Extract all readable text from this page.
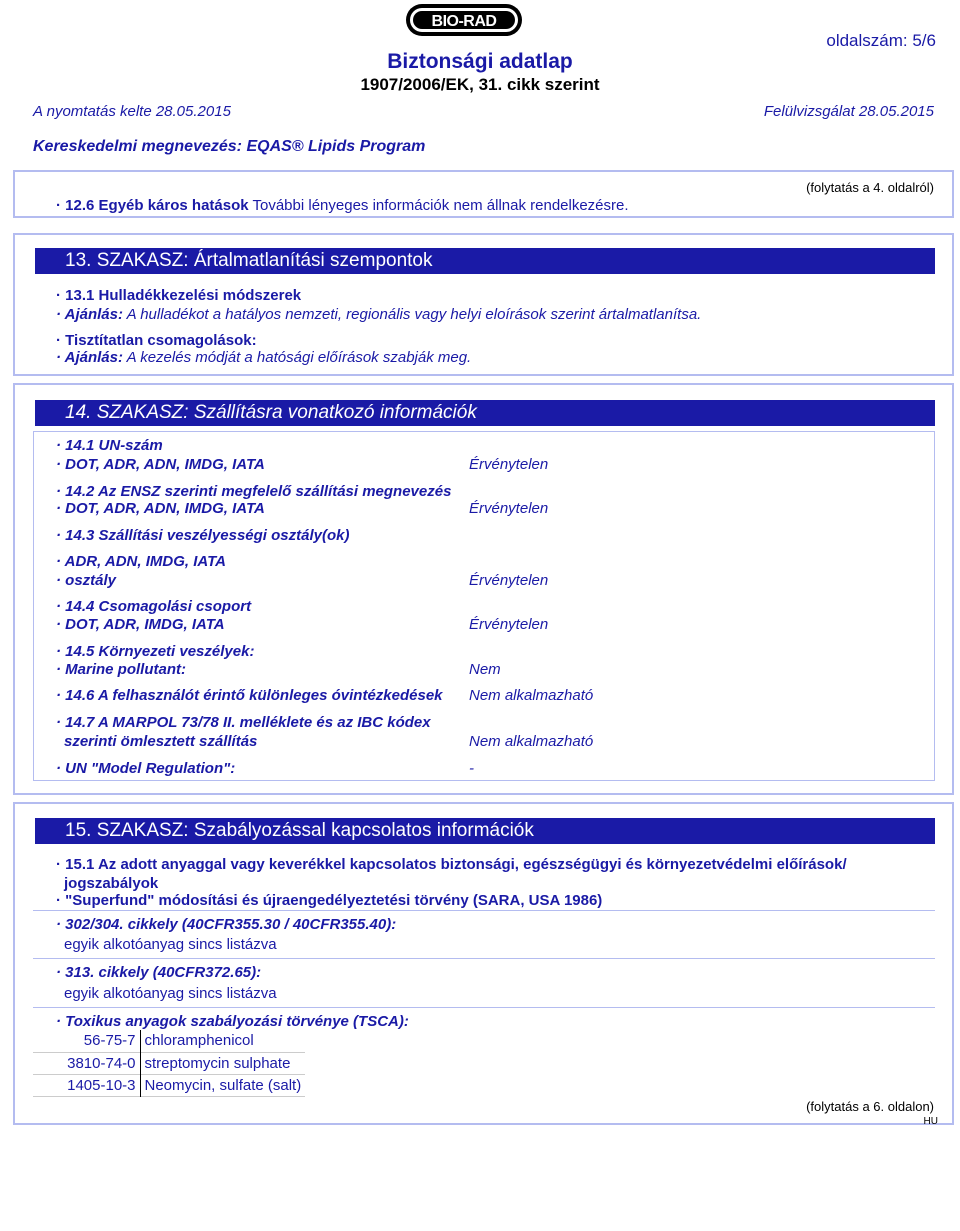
BIO-RAD
oldalszám: 5/6
Biztonsági adatlap
1907/2006/EK, 31. cikk szerint
A nyomtatás kelte 28.05.2015	Felülvizsgálat 28.05.2015
Kereskedelmi megnevezés: EQAS® Lipids Program
(folytatás a 4. oldalról)
· 12.6 Egyéb káros hatások További lényeges információk nem állnak rendelkezésre.
13. SZAKASZ: Ártalmatlanítási szempontok
· 13.1 Hulladékkezelési módszerek
· Ajánlás: A hulladékot a hatályos nemzeti, regionális vagy helyi eloírások szerint ártalmatlanítsa.
· Tisztítatlan csomagolások:
· Ajánlás: A kezelés módját a hatósági előírások szabják meg.
14. SZAKASZ: Szállításra vonatkozó információk
· 14.1 UN-szám
· DOT, ADR, ADN, IMDG, IATA	Érvénytelen
· 14.2 Az ENSZ szerinti megfelelő szállítási megnevezés
· DOT, ADR, ADN, IMDG, IATA	Érvénytelen
· 14.3 Szállítási veszélyességi osztály(ok)
· ADR, ADN, IMDG, IATA
· osztály	Érvénytelen
· 14.4 Csomagolási csoport
· DOT, ADR, IMDG, IATA	Érvénytelen
· 14.5 Környezeti veszélyek:
· Marine pollutant:	Nem
· 14.6 A felhasználót érintő különleges óvintézkedések Nem alkalmazható
· 14.7 A MARPOL 73/78 II. melléklete és az IBC kódex
szerinti ömlesztett szállítás	Nem alkalmazható
· UN "Model Regulation":	-
15. SZAKASZ: Szabályozással kapcsolatos információk
· 15.1 Az adott anyaggal vagy keverékkel kapcsolatos biztonsági, egészségügyi és környezetvédelmi előírások/
jogszabályok
· "Superfund" módosítási és újraengedélyeztetési törvény (SARA, USA 1986)
· 302/304. cikkely (40CFR355.30 / 40CFR355.40):
egyik alkotóanyag sincs listázva
· 313. cikkely (40CFR372.65):
egyik alkotóanyag sincs listázva
· Toxikus anyagok szabályozási törvénye (TSCA):
56-75-7	chloramphenicol
3810-74-0	streptomycin sulphate
1405-10-3	Neomycin, sulfate (salt)
(folytatás a 6. oldalon)
HU
